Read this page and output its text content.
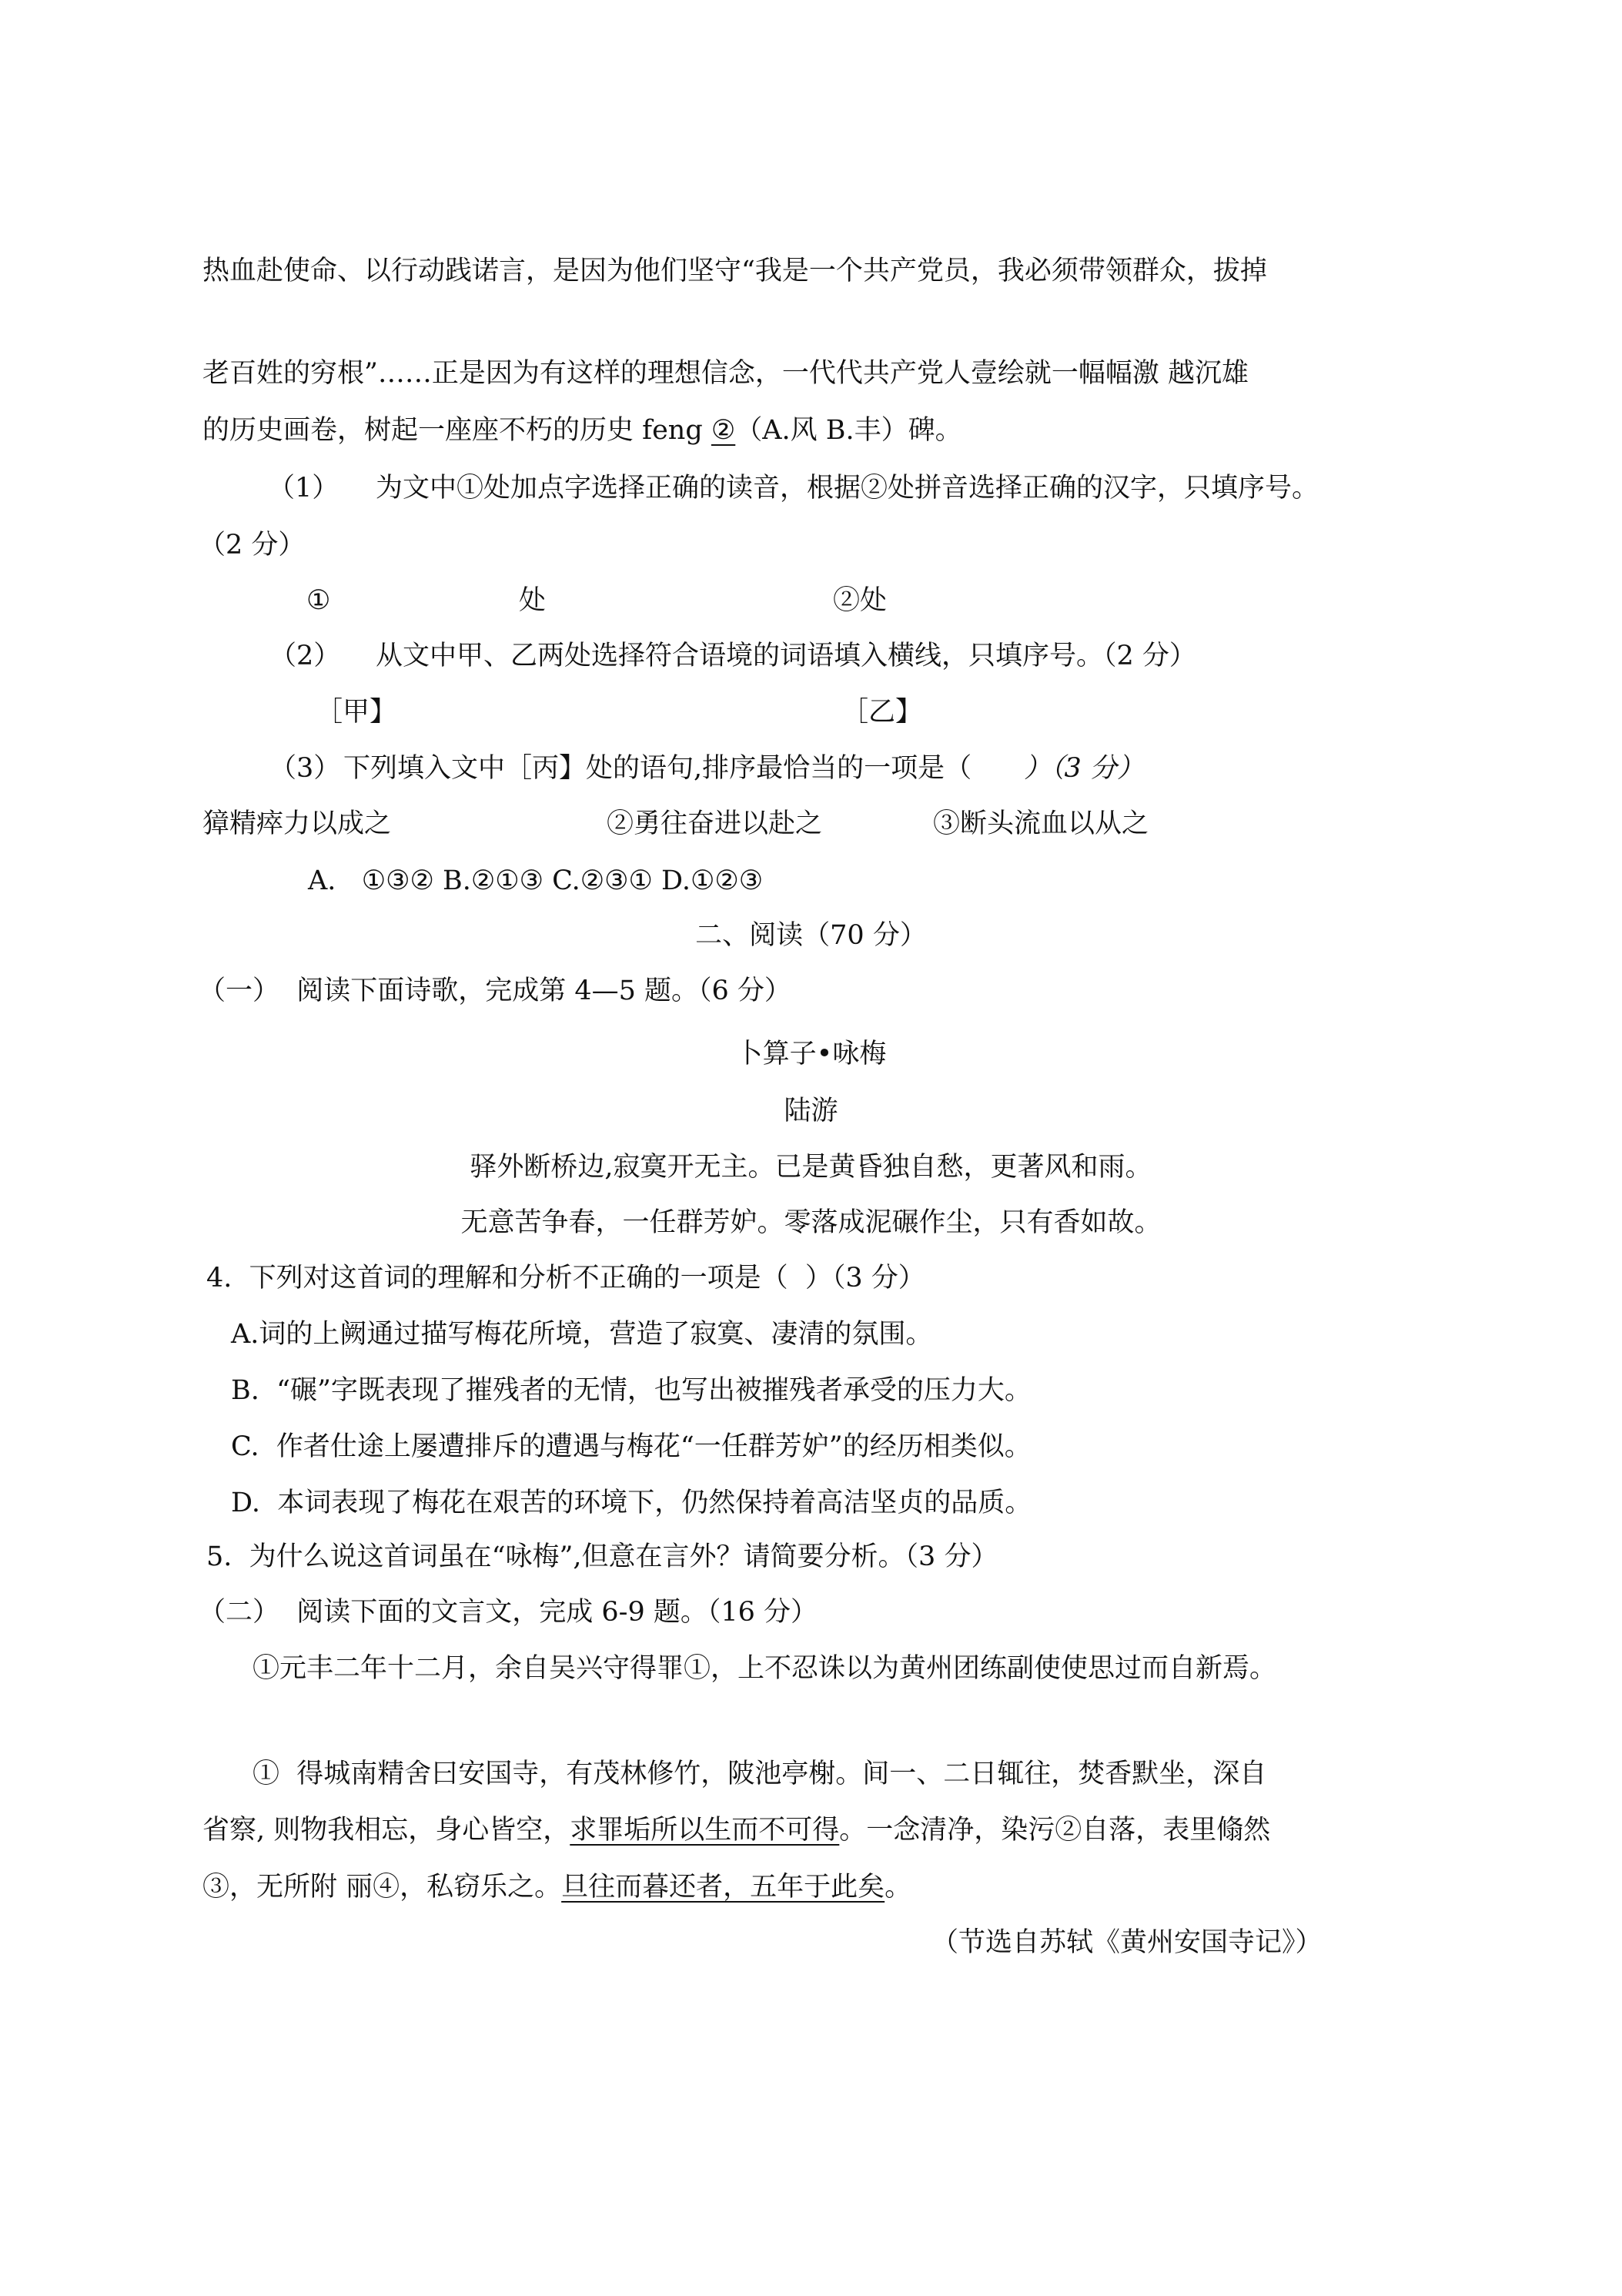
热血赴使命、以行动践诺言，是因为他们坚守“我是一个共产党员，我必须带领群众，拔掉
老百姓的穷根”……正是因为有这样的理想信念，一代代共产党人壹绘就一幅幅激 越沉雄
的历史画卷，树起一座座不朽的历史 feng ②（A.风 B.丰）碑。
（1） 为文中①处加点字选择正确的读音，根据②处拼音选择正确的汉字，只填序号。
（2 分）
①	处	②处
（2） 从文中甲、乙两处选择符合语境的词语填入横线，只填序号。（2 分）
［甲】	［乙】
（3） 下列填入文中［丙】处的语句,排序最恰当的一项是（ ）（3 分）
獐精瘁力以成之	②勇往奋进以赴之	③断头流血以从之
A.   ①③② B.②①③ C.②③① D.①②③
二、阅读（70 分）
（一）  阅读下面诗歌，完成第 4—5 题。（6 分）
卜算子•咏梅
陆游
驿外断桥边,寂寞开无主。已是黄昏独自愁，更著风和雨。
无意苦争春，一任群芳妒。零落成泥碾作尘，只有香如故。
4.  下列对这首词的理解和分析不正确的一项是（  ）（3 分）
A.词的上阙通过描写梅花所境，营造了寂寞、凄清的氛围。
B.  “碾”字既表现了摧残者的无情，也写出被摧残者承受的压力大。
C.  作者仕途上屡遭排斥的遭遇与梅花“一任群芳妒”的经历相类似。
D.  本词表现了梅花在艰苦的环境下，仍然保持着高洁坚贞的品质。
5.  为什么说这首词虽在“咏梅”,但意在言外？请简要分析。（3 分）
（二）  阅读下面的文言文，完成 6-9 题。（16 分）
①元丰二年十二月，余自吴兴守得罪①，上不忍诛以为黄州团练副使使思过而自新焉。
①  得城南精舍曰安国寺，有茂林修竹，陂池亭榭。间一、二日辄往，焚香默坐，深自
省察, 则物我相忘，身心皆空，求罪垢所以生而不可得。一念清净，染污②自落，表里翛然
③，无所附 丽④，私窃乐之。旦往而暮还者，五年于此矣。
（节选自苏轼《黄州安国寺记》）
